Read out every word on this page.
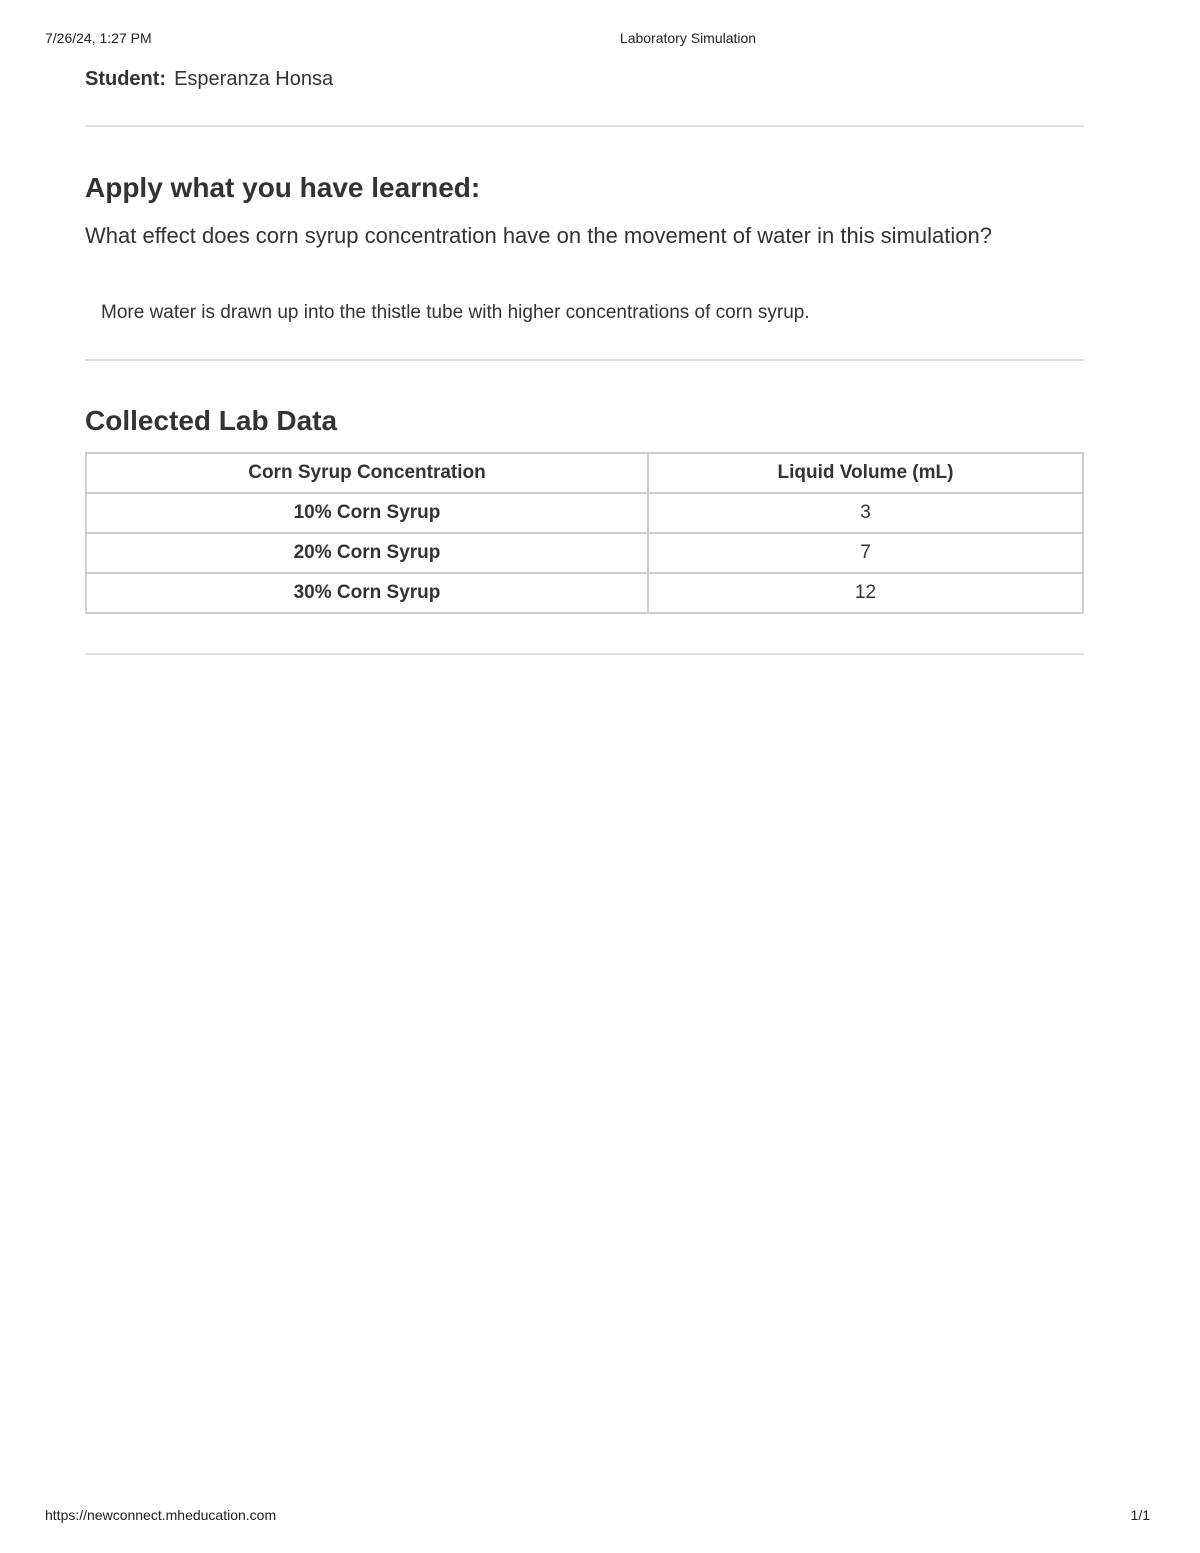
7/26/24, 1:27 PM	Laboratory Simulation
Student: Esperanza Honsa
Apply what you have learned:

What effect does corn syrup concentration have on the movement of water in this simulation?

More water is drawn up into the thistle tube with higher concentrations of corn syrup.

Collected Lab Data
Corn Syrup Concentration	Liquid Volume (mL)
10% Corn Syrup	3
20% Corn Syrup	7
30% Corn Syrup	12
https://newconnect.mheducation.com	1/1
